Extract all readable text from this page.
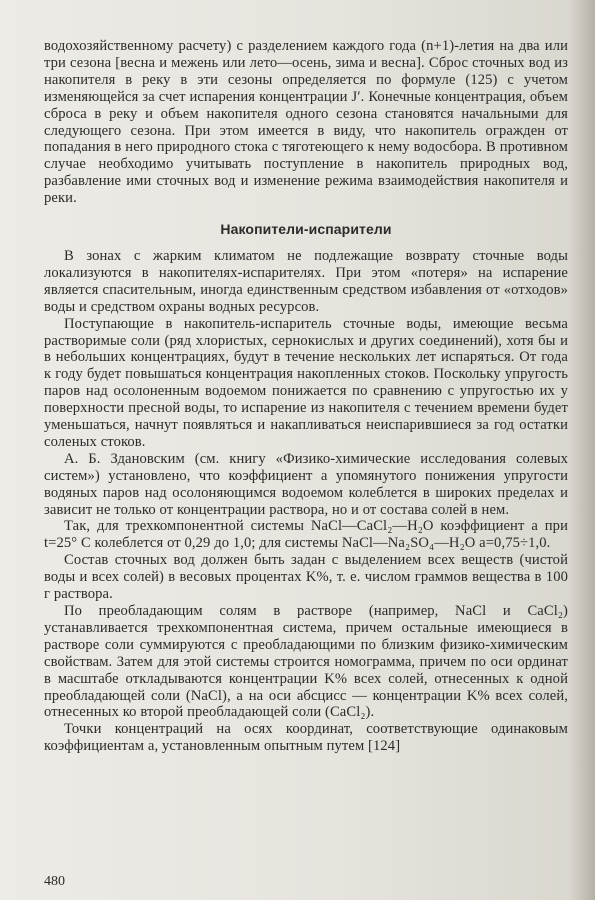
водохозяйственному расчету) с разделением каждого года (n+1)-летия на два или три сезона [весна и межень или лето—осень, зима и весна]. Сброс сточных вод из накопителя в реку в эти сезоны определяется по формуле (125) с учетом изменяющейся за счет испарения концентрации J′. Конечные концентрация, объем сброса в реку и объем накопителя одного сезона становятся начальными для следующего сезона. При этом имеется в виду, что накопитель огражден от попадания в него природного стока с тяготеющего к нему водосбора. В противном случае необходимо учитывать поступление в накопитель природных вод, разбавление ими сточных вод и изменение режима взаимодействия накопителя и реки.

Накопители-испарители

В зонах с жарким климатом не подлежащие возврату сточные воды локализуются в накопителях-испарителях. При этом «потеря» на испарение является спасительным, иногда единственным средством избавления от «отходов» воды и средством охраны водных ресурсов.

Поступающие в накопитель-испаритель сточные воды, имеющие весьма растворимые соли (ряд хлористых, сернокислых и других соединений), хотя бы и в небольших концентрациях, будут в течение нескольких лет испаряться. От года к году будет повышаться концентрация накопленных стоков. Поскольку упругость паров над осолоненным водоемом понижается по сравнению с упругостью их у поверхности пресной воды, то испарение из накопителя с течением времени будет уменьшаться, начнут появляться и накапливаться неиспарившиеся за год остатки соленых стоков.

А. Б. Здановским (см. книгу «Физико-химические исследования солевых систем») установлено, что коэффициент a упомянутого понижения упругости водяных паров над осолоняющимся водоемом колеблется в широких пределах и зависит не только от концентрации раствора, но и от состава солей в нем.

Так, для трехкомпонентной системы NaCl—CaCl₂—H₂O коэффициент a при t=25° C колеблется от 0,29 до 1,0; для системы NaCl—Na₂SO₄—H₂O a=0,75÷1,0.

Состав сточных вод должен быть задан с выделением всех веществ (чистой воды и всех солей) в весовых процентах K%, т. е. числом граммов вещества в 100 г раствора.

По преобладающим солям в растворе (например, NaCl и CaCl₂) устанавливается трехкомпонентная система, причем остальные имеющиеся в растворе соли суммируются с преобладающими по близким физико-химическим свойствам. Затем для этой системы строится номограмма, причем по оси ординат в масштабе откладываются концентрации K% всех солей, отнесенных к одной преобладающей соли (NaCl), а на оси абсцисс — концентрации K% всех солей, отнесенных ко второй преобладающей соли (CaCl₂).

Точки концентраций на осях координат, соответствующие одинаковым коэффициентам a, установленным опытным путем [124]

480
